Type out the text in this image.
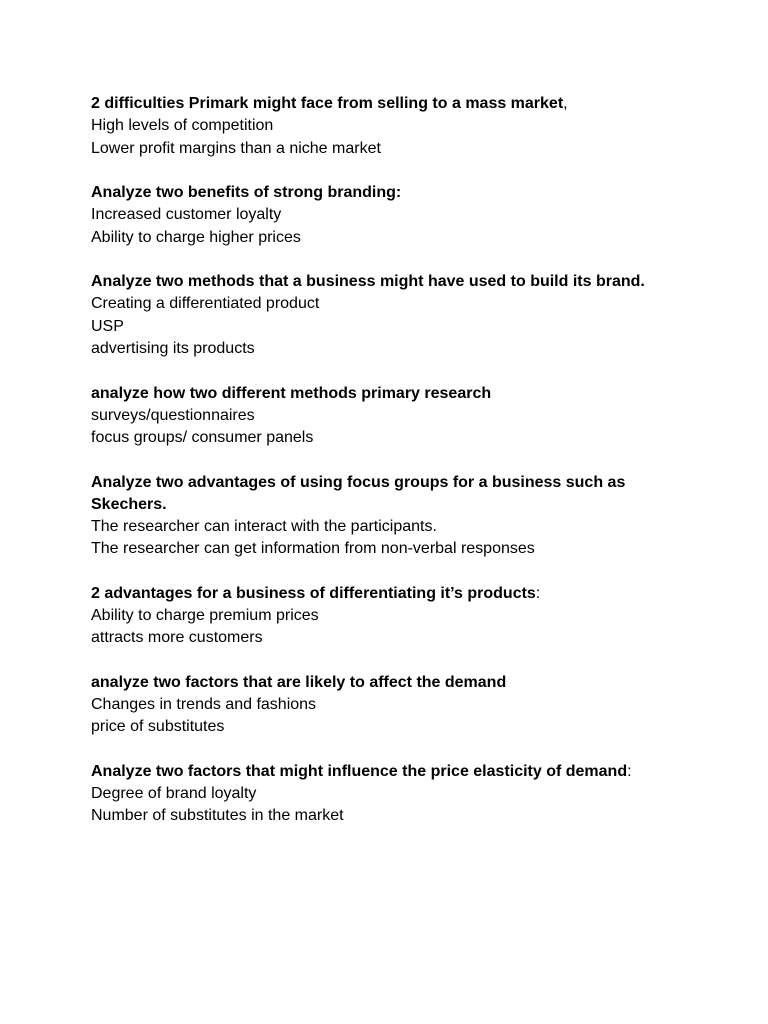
2 difficulties Primark might face from selling to a mass market,

High levels of competition
Lower profit margins than a niche market

Analyze two benefits of strong branding:

Increased customer loyalty
Ability to charge higher prices

Analyze two methods that a business might have used to build its brand.

Creating a differentiated product
USP
advertising its products

analyze how two different methods primary research

surveys/questionnaires
focus groups/ consumer panels

Analyze two advantages of using focus groups for a business such as Skechers.

The researcher can interact with the participants.
The researcher can get information from non-verbal responses

2 advantages for a business of differentiating it’s products:

Ability to charge premium prices
attracts more customers

analyze two factors that are likely to affect the demand

Changes in trends and fashions
price of substitutes

Analyze two factors that might influence the price elasticity of demand:

Degree of brand loyalty
Number of substitutes in the market
